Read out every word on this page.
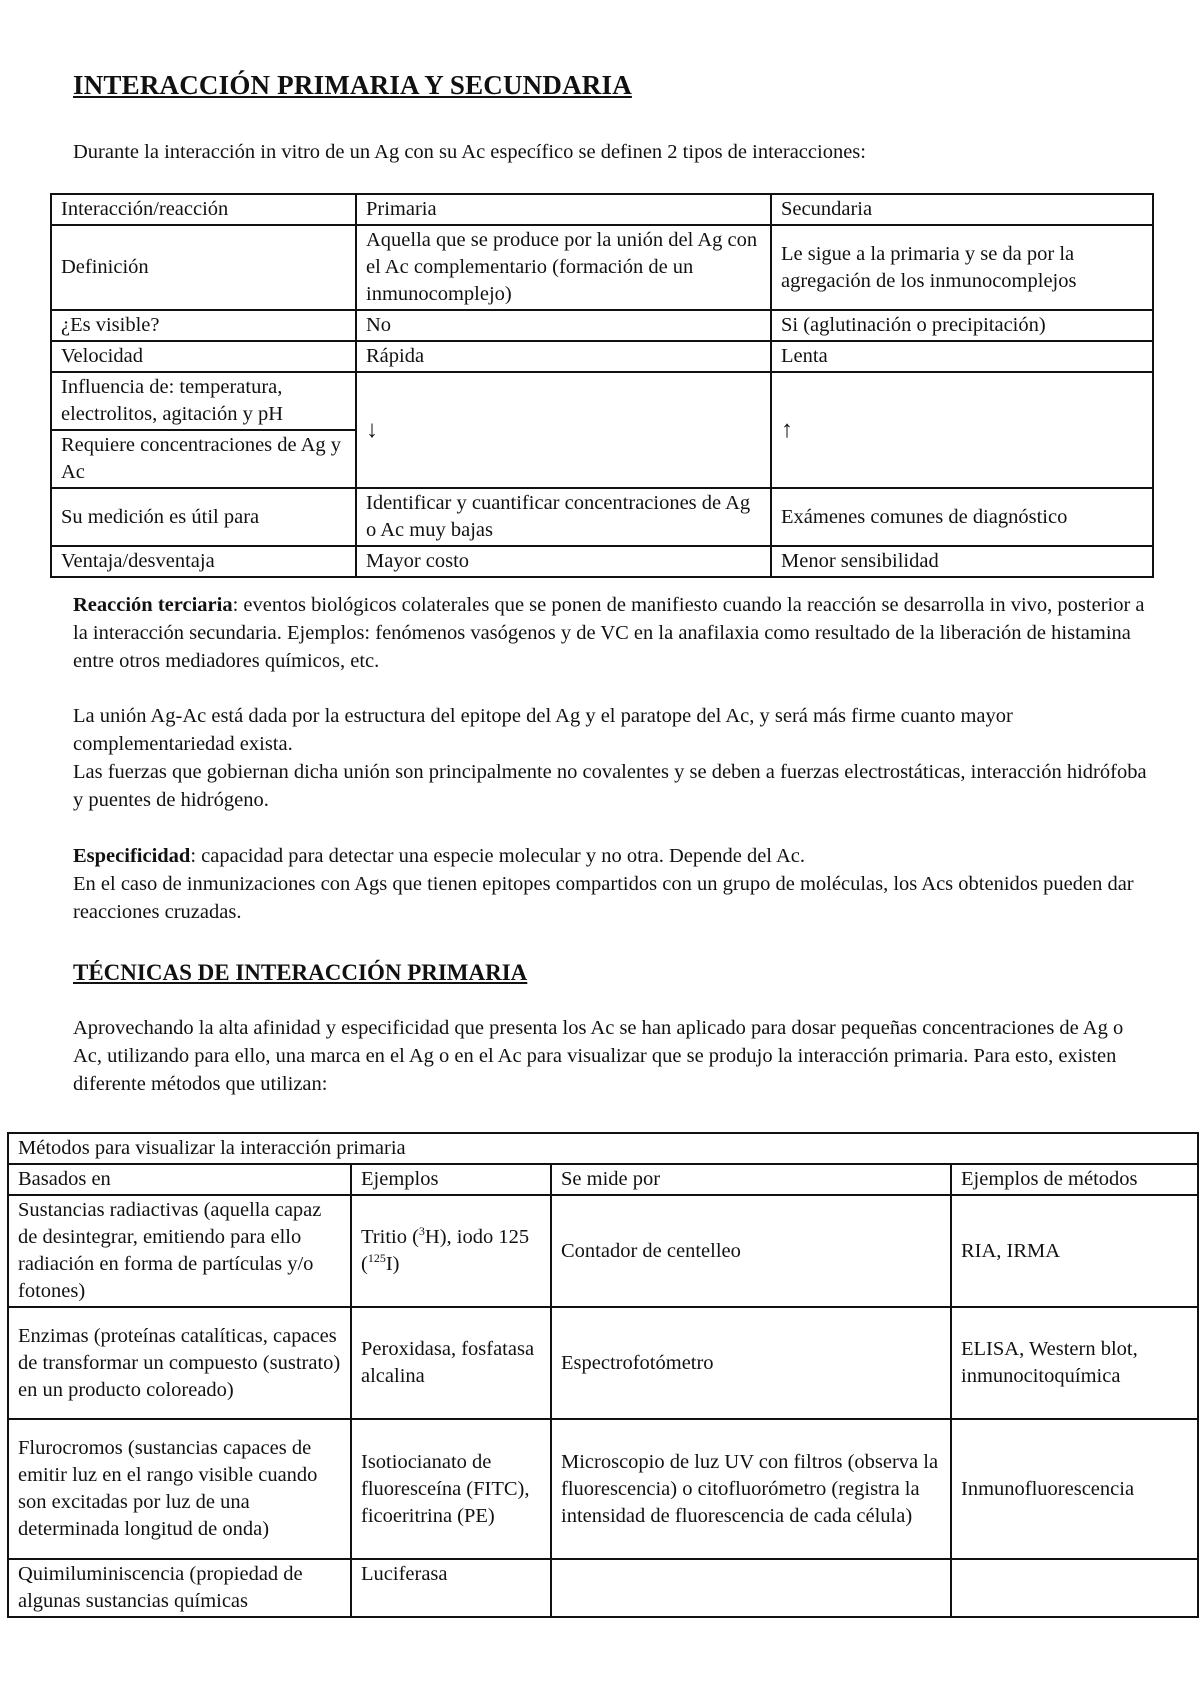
INTERACCIÓN PRIMARIA Y SECUNDARIA

Durante la interacción in vitro de un Ag con su Ac específico se definen 2 tipos de interacciones:

Interacción/reacción	Primaria	Secundaria
Definición	Aquella que se produce por la unión del Ag con el Ac complementario (formación de un inmunocomplejo)	Le sigue a la primaria y se da por la agregación de los inmunocomplejos
¿Es visible?	No	Si (aglutinación o precipitación)
Velocidad	Rápida	Lenta
Influencia de: temperatura, electrolitos, agitación y pH	↓	↑
Requiere concentraciones de Ag y Ac		
Su medición es útil para	Identificar y cuantificar concentraciones de Ag o Ac muy bajas	Exámenes comunes de diagnóstico
Ventaja/desventaja	Mayor costo	Menor sensibilidad

Reacción terciaria: eventos biológicos colaterales que se ponen de manifiesto cuando la reacción se desarrolla in vivo, posterior a la interacción secundaria. Ejemplos: fenómenos vasógenos y de VC en la anafilaxia como resultado de la liberación de histamina entre otros mediadores químicos, etc.

La unión Ag-Ac está dada por la estructura del epitope del Ag y el paratope del Ac, y será más firme cuanto mayor complementariedad exista.

Las fuerzas que gobiernan dicha unión son principalmente no covalentes y se deben a fuerzas electrostáticas, interacción hidrófoba y puentes de hidrógeno.

Especificidad: capacidad para detectar una especie molecular y no otra. Depende del Ac.

En el caso de inmunizaciones con Ags que tienen epitopes compartidos con un grupo de moléculas, los Acs obtenidos pueden dar reacciones cruzadas.

TÉCNICAS DE INTERACCIÓN PRIMARIA

Aprovechando la alta afinidad y especificidad que presenta los Ac se han aplicado para dosar pequeñas concentraciones de Ag o Ac, utilizando para ello, una marca en el Ag o en el Ac para visualizar que se produjo la interacción primaria. Para esto, existen diferente métodos que utilizan:

Métodos para visualizar la interacción primaria			
Basados en	Ejemplos	Se mide por	Ejemplos de métodos
Sustancias radiactivas (aquella capaz de desintegrar, emitiendo para ello radiación en forma de partículas y/o fotones)	Tritio ($^3$H), iodo 125 ($^{125}$I)	Contador de centelleo	RIA, IRMA
Enzimas (proteínas catalíticas, capaces de transformar un compuesto (sustrato) en un producto coloreado)	Peroxidasa, fosfatasa alcalina	Espectrofotómetro	ELISA, Western blot, inmunocitoquímica
Flurocromos (sustancias capaces de emitir luz en el rango visible cuando son excitadas por luz de una determinada longitud de onda)	Isotiocianato de fluoresceína (FITC), ficoeritrina (PE)	Microscopio de luz UV con filtros (observa la fluorescencia) o citofluorómetro (registra la intensidad de fluorescencia de cada célula)	Inmunofluorescencia
Quimiluminiscencia (propiedad de algunas sustancias químicas	Luciferasa		
